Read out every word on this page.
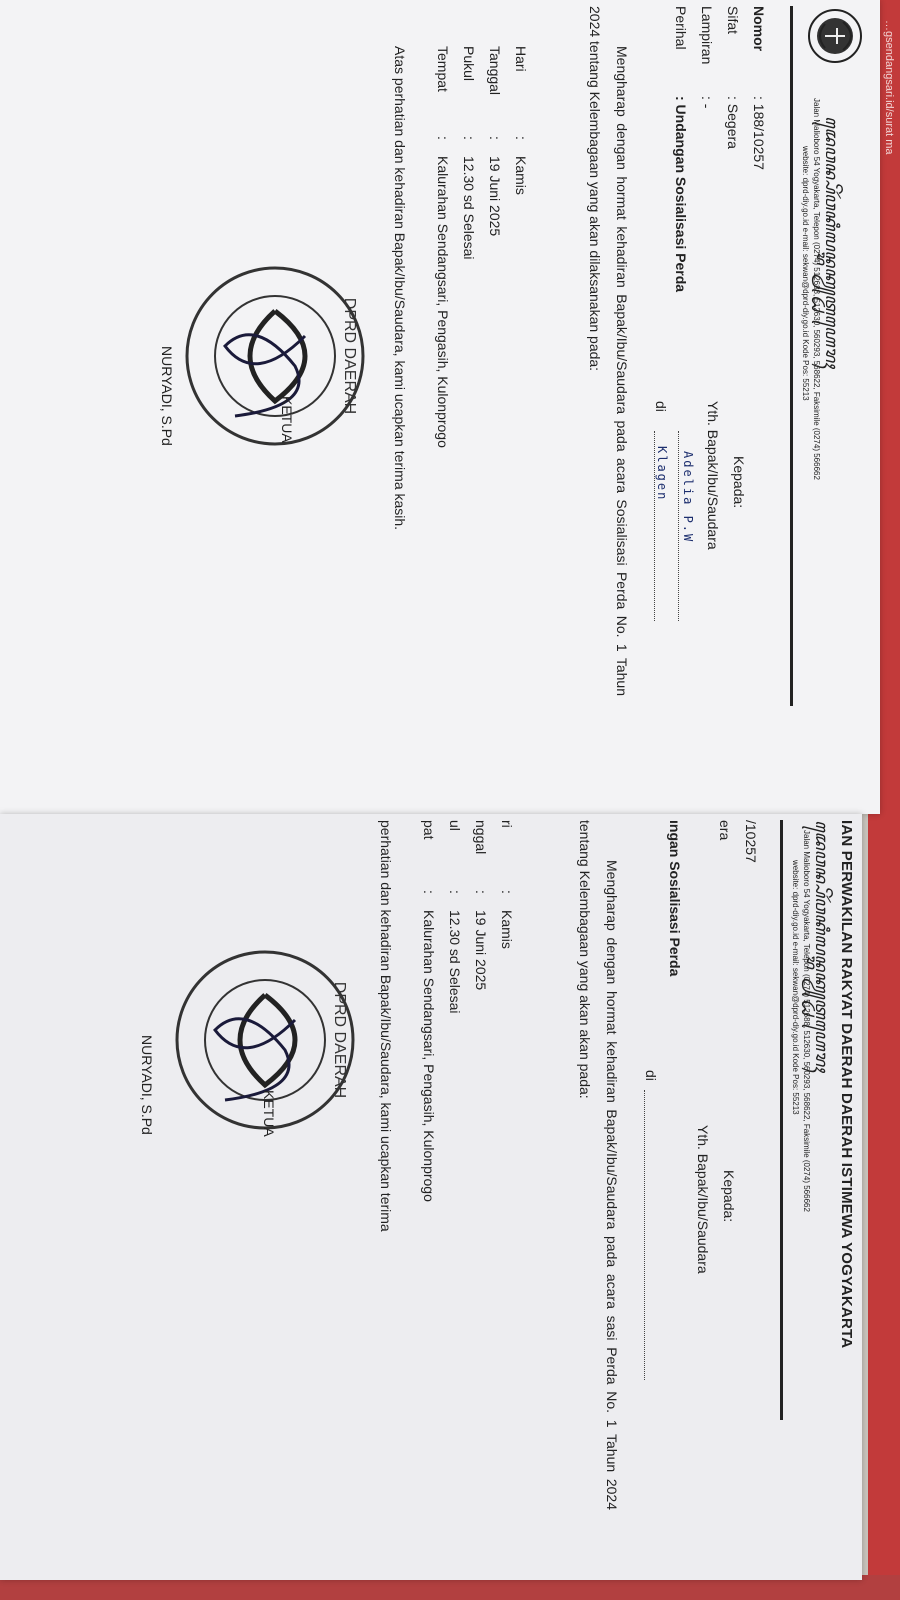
…gsendangsari.id/surat ma
ꦢꦺꦮꦤ꧀ꦥꦼꦂꦮꦏꦶꦭꦤ꧀ꦫꦏꦾꦠ꧀ꦝꦲꦺꦫꦃ
Jalan Malioboro 54 Yogyakarta, Telepon (0274) 512688, 512630, 560293, 568622, Faksimile (0274) 566662
website: dprd-diy.go.id e-mail: sekwan@dprd-diy.go.id Kode Pos: 55213
Nomor
: 188/10257
Sifat
: Segera
Lampiran
: -
Perihal
: Undangan Sosialisasi Perda
Kepada:
Yth. Bapak/Ibu/Saudara
Adelia P.W
di
Klagen
Mengharap dengan hormat kehadiran Bapak/Ibu/Saudara pada acara Sosialisasi Perda No. 1 Tahun 2024 tentang Kelembagaan yang akan dilaksanakan pada:
Hari
:
Kamis
Tanggal
:
19 Juni 2025
Pukul
:
12.30 sd Selesai
Tempat
:
Kalurahan Sendangsari, Pengasih, Kulonprogo
Atas perhatian dan kehadiran Bapak/Ibu/Saudara, kami ucapkan terima kasih.
DPRD DAERAH
KETUA
NURYADI, S.Pd
IAN PERWAKILAN RAKYAT DAERAH DAERAH ISTIMEWA YOGYAKARTA
ꦢꦺꦮꦤ꧀ꦥꦼꦂꦮꦏꦶꦭꦤ꧀ꦫꦏꦾꦠ꧀ꦝꦲꦺꦫꦃ
Jalan Malioboro 54 Yogyakarta, Telepon (0274) 512688, 512630, 560293, 568622, Faksimile (0274) 566662
website: dprd-diy.go.id e-mail: sekwan@dprd-diy.go.id Kode Pos: 55213
/10257
era
ıngan Sosialisasi Perda
Kepada:
Yth. Bapak/Ibu/Saudara
di
Mengharap dengan hormat kehadiran Bapak/Ibu/Saudara pada acara sasi Perda No. 1 Tahun 2024 tentang Kelembagaan yang akan akan pada:
ri
:
Kamis
nggal
:
19 Juni 2025
ul
:
12.30 sd Selesai
pat
:
Kalurahan Sendangsari, Pengasih, Kulonprogo
perhatian dan kehadiran Bapak/Ibu/Saudara, kami ucapkan terima
DPRD DAERAH
KETUA
NURYADI, S.Pd
